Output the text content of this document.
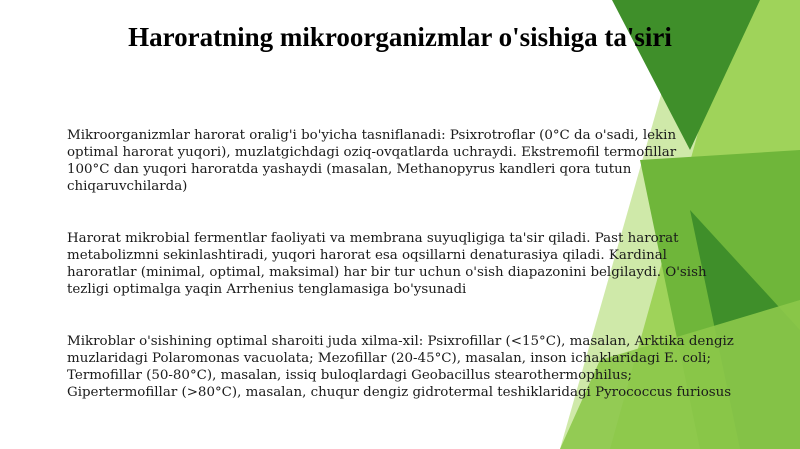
Haroratning mikroorganizmlar o'sishiga ta'siri
Mikroorganizmlar harorat oralig'i bo'yicha tasniflanadi: Psixrotroflar (0°C da o'sadi, lekin
optimal harorat yuqori), muzlatgichdagi oziq-ovqatlarda uchraydi. Ekstremofil termofillar
100°C dan yuqori haroratda yashaydi (masalan, Methanopyrus kandleri qora tutun
chiqaruvchilarda)
Harorat mikrobial fermentlar faoliyati va membrana suyuqligiga ta'sir qiladi. Past harorat
metabolizmni sekinlashtiradi, yuqori harorat esa oqsillarni denaturasiya qiladi. Kardinal
haroratlar (minimal, optimal, maksimal) har bir tur uchun o'sish diapazonini belgilaydi. O'sish
tezligi optimalga yaqin Arrhenius tenglamasiga bo'ysunadi
Mikroblar o'sishining optimal sharoiti juda xilma-xil: Psixrofillar (<15°C), masalan, Arktika dengiz
muzlaridagi Polaromonas vacuolata; Mezofillar (20-45°C), masalan, inson ichaklaridagi E. coli;
Termofillar (50-80°C), masalan, issiq buloqlardagi Geobacillus stearothermophilus;
Gipertermofillar (>80°C), masalan, chuqur dengiz gidrotermal teshiklaridagi Pyrococcus furiosus
